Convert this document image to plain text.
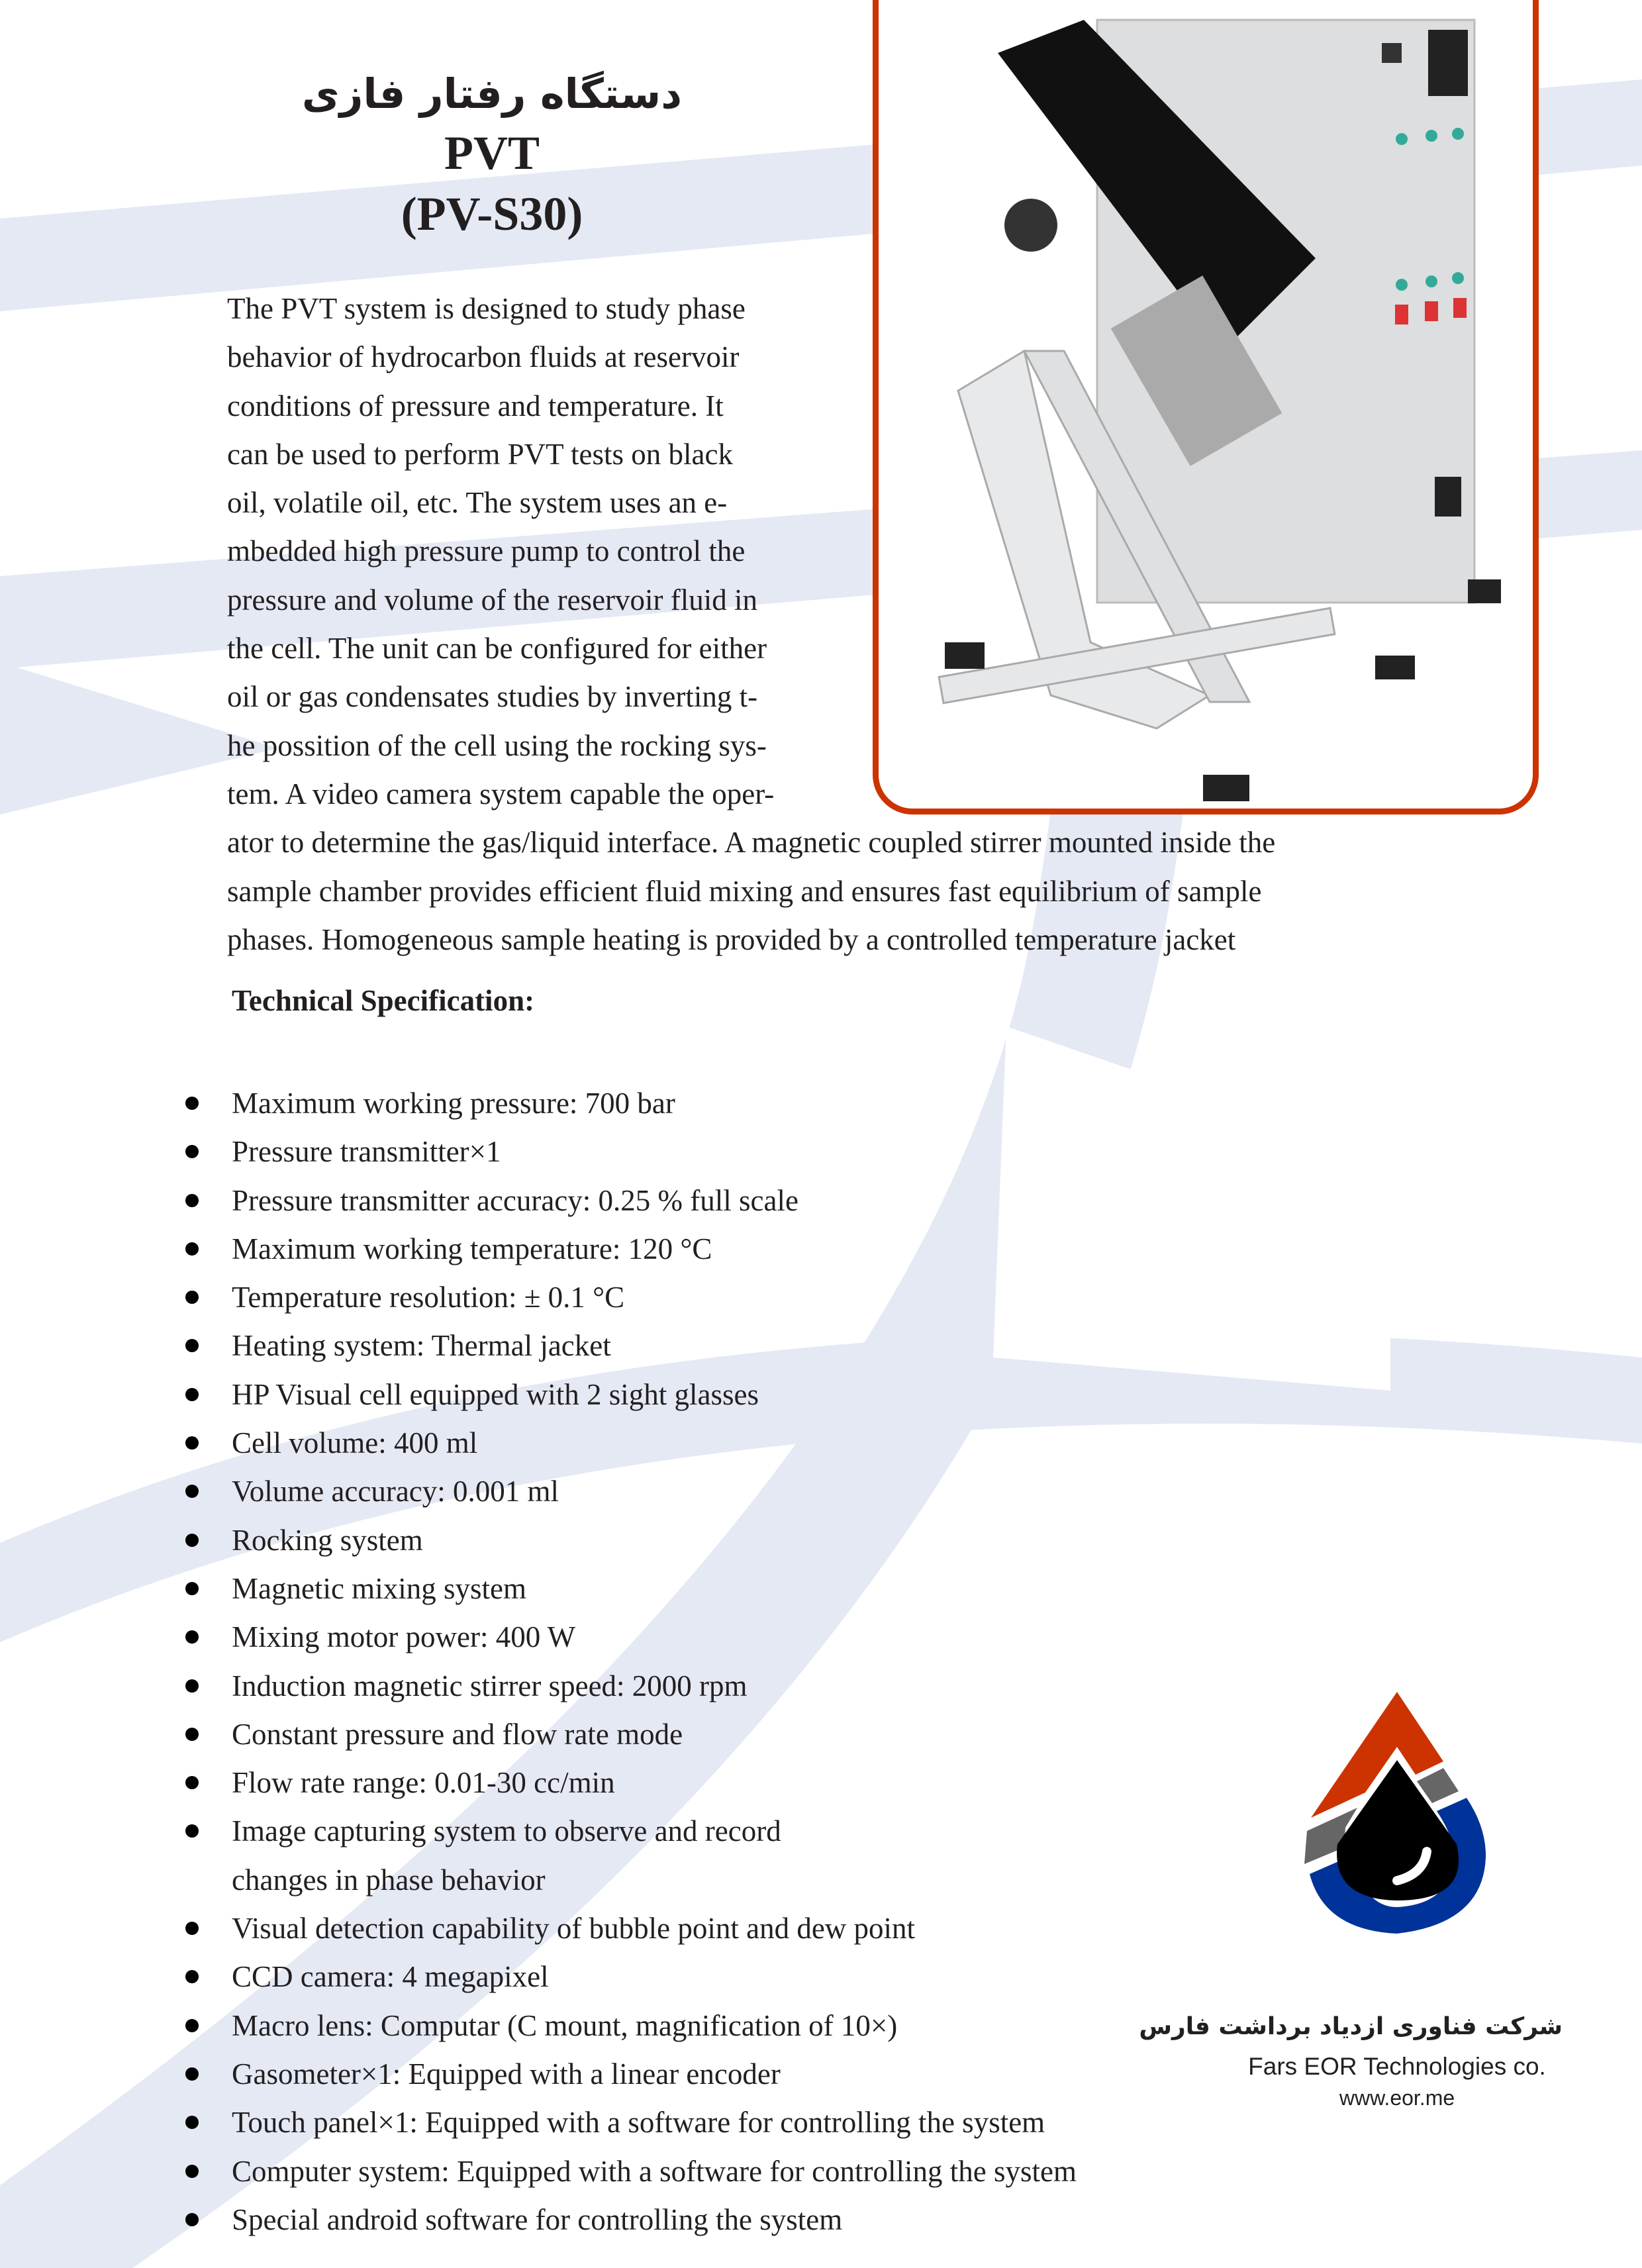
دستگاه رفتار فازی
PVT
(PV-S30)
The PVT system is designed to study phase
behavior of hydrocarbon fluids at reservoir
conditions of pressure and temperature. It
can be used to perform PVT tests on black
oil, volatile oil, etc. The system uses an e-
mbedded high pressure pump to control the
pressure and volume of the reservoir fluid in
the cell. The unit can be configured for either
oil or gas condensates studies by inverting t-
he possition of the cell using the rocking sys-
tem. A video camera system capable the oper-
ator to determine the gas/liquid interface. A magnetic coupled stirrer mounted inside the
sample chamber provides efficient fluid mixing and ensures fast equilibrium of sample
phases. Homogeneous sample heating is provided by a controlled temperature jacket
Technical Specification:
Maximum working pressure: 700 bar
Pressure transmitter×1
Pressure transmitter accuracy: 0.25 % full scale
Maximum working temperature: 120 °C
Temperature resolution: ± 0.1 °C
Heating system: Thermal jacket
HP Visual cell equipped with 2 sight glasses
Cell volume: 400 ml
Volume accuracy: 0.001 ml
Rocking system
Magnetic mixing system
Mixing motor power: 400 W
Induction magnetic stirrer speed: 2000 rpm
Constant pressure and flow rate mode
Flow rate range: 0.01-30 cc/min
Image capturing system to observe and record
changes in phase behavior
Visual detection capability of bubble point and dew point
CCD camera: 4 megapixel
Macro lens: Computar (C mount, magnification of 10×)
Gasometer×1: Equipped with a linear encoder
Touch panel×1: Equipped with a software for controlling the system
Computer system: Equipped with a software for controlling the system
Special android software for controlling the system
شرکت فناوری ازدیاد برداشت فارس
Fars EOR Technologies co.
www.eor.me
